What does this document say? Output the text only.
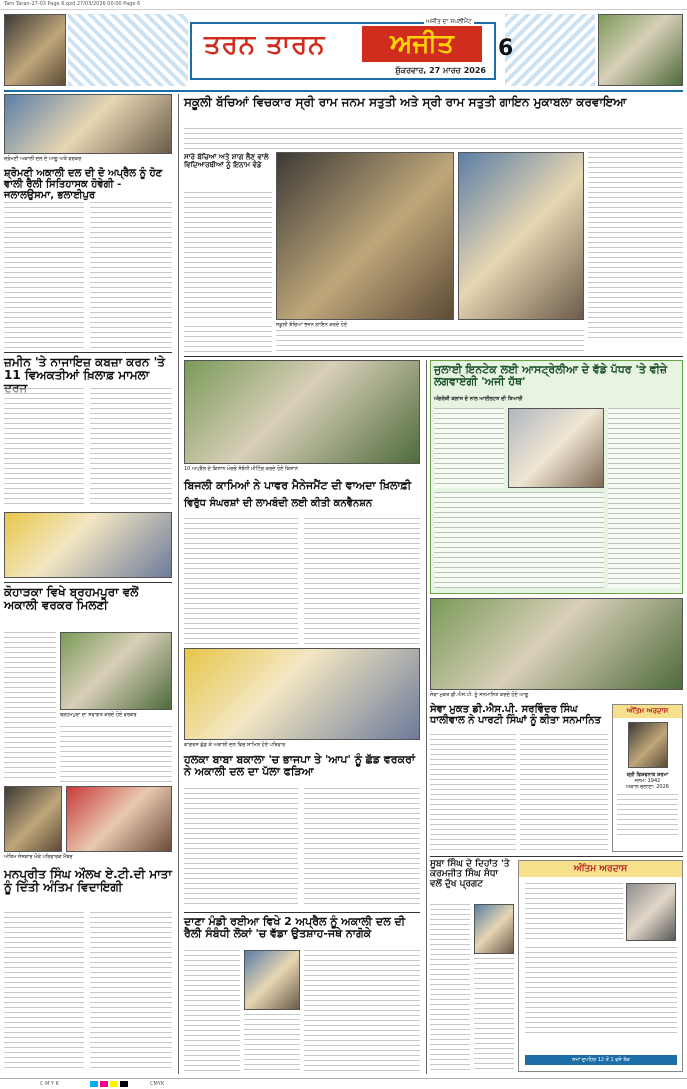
Tarn Taran-27-03 Page 6.qxd 27/03/2026 00:00 Page 6
ਤਰਨ ਤਾਰਨ	ਅਜੀਤ
ਅਜੀਤ ਦਾ ਸਪਲੀਮੈਂਟ
ਸ਼ੁੱਕਰਵਾਰ, 27 ਮਾਰਚ 2026
6
ਸ਼੍ਰੋਮਣੀ ਅਕਾਲੀ ਦਲ ਦੇ ਆਗੂ ਅਤੇ ਵਰਕਰ
ਸ਼੍ਰੋਮਣੀ ਅਕਾਲੀ ਦਲ ਦੀ ਦੋ ਅਪ੍ਰੈਲ ਨੂੰ ਹੋਣ ਵਾਲੀ ਰੈਲੀ ਸਿਤਿਹਾਸਕ ਹੋਵੇਗੀ - ਜਲਾਲਉਸਮਾ, ਭਲਾਈਪੁਰ
ਜ਼ਮੀਨ 'ਤੇ ਨਾਜਾਇਜ਼ ਕਬਜ਼ਾ ਕਰਨ 'ਤੇ 11 ਵਿਅਕਤੀਆਂ ਖ਼ਿਲਾਫ਼ ਮਾਮਲਾ
ਕੋਹਾੜਕਾ ਵਿਖੇ ਬ੍ਰਹਮਪੁਰਾ ਵਲੋਂ ਅਕਾਲੀ ਵਰਕਰ ਮਿਲਣੀ
ਬ੍ਰਹਮਪੁਰਾ ਦਾ ਸਵਾਗਤ ਕਰਦੇ ਹੋਏ ਵਰਕਰ
ਅੰਤਿਮ ਸੰਸਕਾਰ ਮੌਕੇ ਪਰਿਵਾਰਕ ਮੈਂਬਰ
ਮਨਪ੍ਰੀਤ ਸਿੰਘ ਔਲਖ ਏ.ਟੀ.ਦੀ ਮਾਤਾ ਨੂੰ ਦਿੱਤੀ ਅੰਤਿਮ ਵਿਦਾਇਗੀ
ਸਕੂਲੀ ਬੱਚਿਆਂ ਵਿਚਕਾਰ ਸ੍ਰੀ ਰਾਮ ਜਨਮ ਸਤੁਤੀ ਅਤੇ ਸ੍ਰੀ ਰਾਮ ਸਤੁਤੀ ਗਾਇਨ ਮੁਕਾਬਲਾ ਕਰਵਾਇਆ
ਸਾਰੇ ਬੱਚਿਆਂ ਅਤੇ ਸ਼ਾਗ ਲੈਣ ਵਾਲੇ ਵਿਦਿਆਰਥੀਆਂ ਨੂੰ ਇਨਾਮ ਵੰਡੇ
ਸਕੂਲੀ ਬੱਚਿਆਂ ਭਜਨ ਗਾਇਨ ਕਰਦੇ ਹੋਏ
10 ਅਪ੍ਰੈਲ ਦੇ ਕਿਸਾਨ ਮੋਰਚੇ ਸੰਬੰਧੀ ਮੀਟਿੰਗ ਕਰਦੇ ਹੋਏ ਕਿਸਾਨ
ਬਿਜਲੀ ਕਾਮਿਆਂ ਨੇ ਪਾਵਰ ਮੈਨੇਜਮੈਂਟ ਦੀ ਵਾਅਦਾ ਖ਼ਿਲਾਫ਼ੀ
ਵਿਰੁੱਧ ਸੰਘਰਸ਼ਾਂ ਦੀ ਲਾਮਬੰਦੀ ਲਈ ਕੀਤੀ ਕਨਵੈਨਸ਼ਨ
ਕਾਂਗਰਸ ਛੱਡ ਕੇ ਅਕਾਲੀ ਦਲ ਵਿਚ ਸ਼ਾਮਿਲ ਹੋਏ ਪਰਿਵਾਰ
ਹਲਕਾ ਬਾਬਾ ਬਕਾਲਾ 'ਚ ਭਾਜਪਾ ਤੇ 'ਆਪ' ਨੂੰ ਛੱਡ ਵਰਕਰਾਂ ਨੇ ਅਕਾਲੀ ਦਲ ਦਾ ਪੱਲਾ ਫੜਿਆ
ਦਾਣਾ ਮੰਡੀ ਰਈਆ ਵਿਖੇ 2 ਅਪ੍ਰੈਲ ਨੂੰ ਅਕਾਲੀ ਦਲ ਦੀ ਰੈਲੀ ਸੰਬੰਧੀ ਲੋਕਾਂ 'ਚ ਵੱਡਾ ਉਤਸ਼ਾਹ-ਜਥੇ ਨਾਗੋਕੇ
ਜੁਲਾਈ ਇਨਟੇਕ ਲਈ ਆਸਟ੍ਰੇਲੀਆ ਦੇ ਵੱਡੇ ਪੱਧਰ 'ਤੇ ਵੀਜ਼ੇ ਲਗਵਾਏਗੀ 'ਅਜੀ ਹੱਥ'
ਅੰਗਰੇਜ਼ੀ ਕਲਾਸ ਦੇ ਨਾਲ ਆਈਲਟਸ ਦੀ ਤਿਆਰੀ
ਸੇਵਾ ਮੁਕਤ ਡੀ.ਐਸ.ਪੀ. ਨੂੰ ਸਨਮਾਨਿਤ ਕਰਦੇ ਹੋਏ ਆਗੂ
ਸੇਵਾ ਮੁਕਤ ਡੀ.ਐਸ.ਪੀ. ਸਰਵਿੰਦਰ ਸਿੰਘ ਧਾਲੀਵਾਲ ਨੇ ਪਾਰਟੀ ਸਿੰਘਾਂ ਨੂੰ ਕੀਤਾ ਸਨਮਾਨਿਤ
ਅੰਤਿਮ ਅਰਦਾਸ
ਸ਼੍ਰੀ ਵਿਸ਼ਵਨਾਥ ਸ਼ਰਮਾ
ਜਨਮ: 1942
ਅਕਾਲ ਚਲਾਣਾ: 2026
ਸੂਬਾ ਸਿੰਘ ਦੇ ਦਿਹਾਂਤ 'ਤੇ ਕਰਮਜੀਤ ਸਿੰਘ ਸੰਧਾ ਵਲੋਂ ਦੁੱਖ ਪ੍ਰਗਟ
ਅੰਤਿਮ ਅਰਦਾਸ
ਸਮਾਂ ਦੁਪਹਿਰ 12 ਤੋਂ 1 ਵਜੇ ਤੱਕ
C M Y K	CMYK
